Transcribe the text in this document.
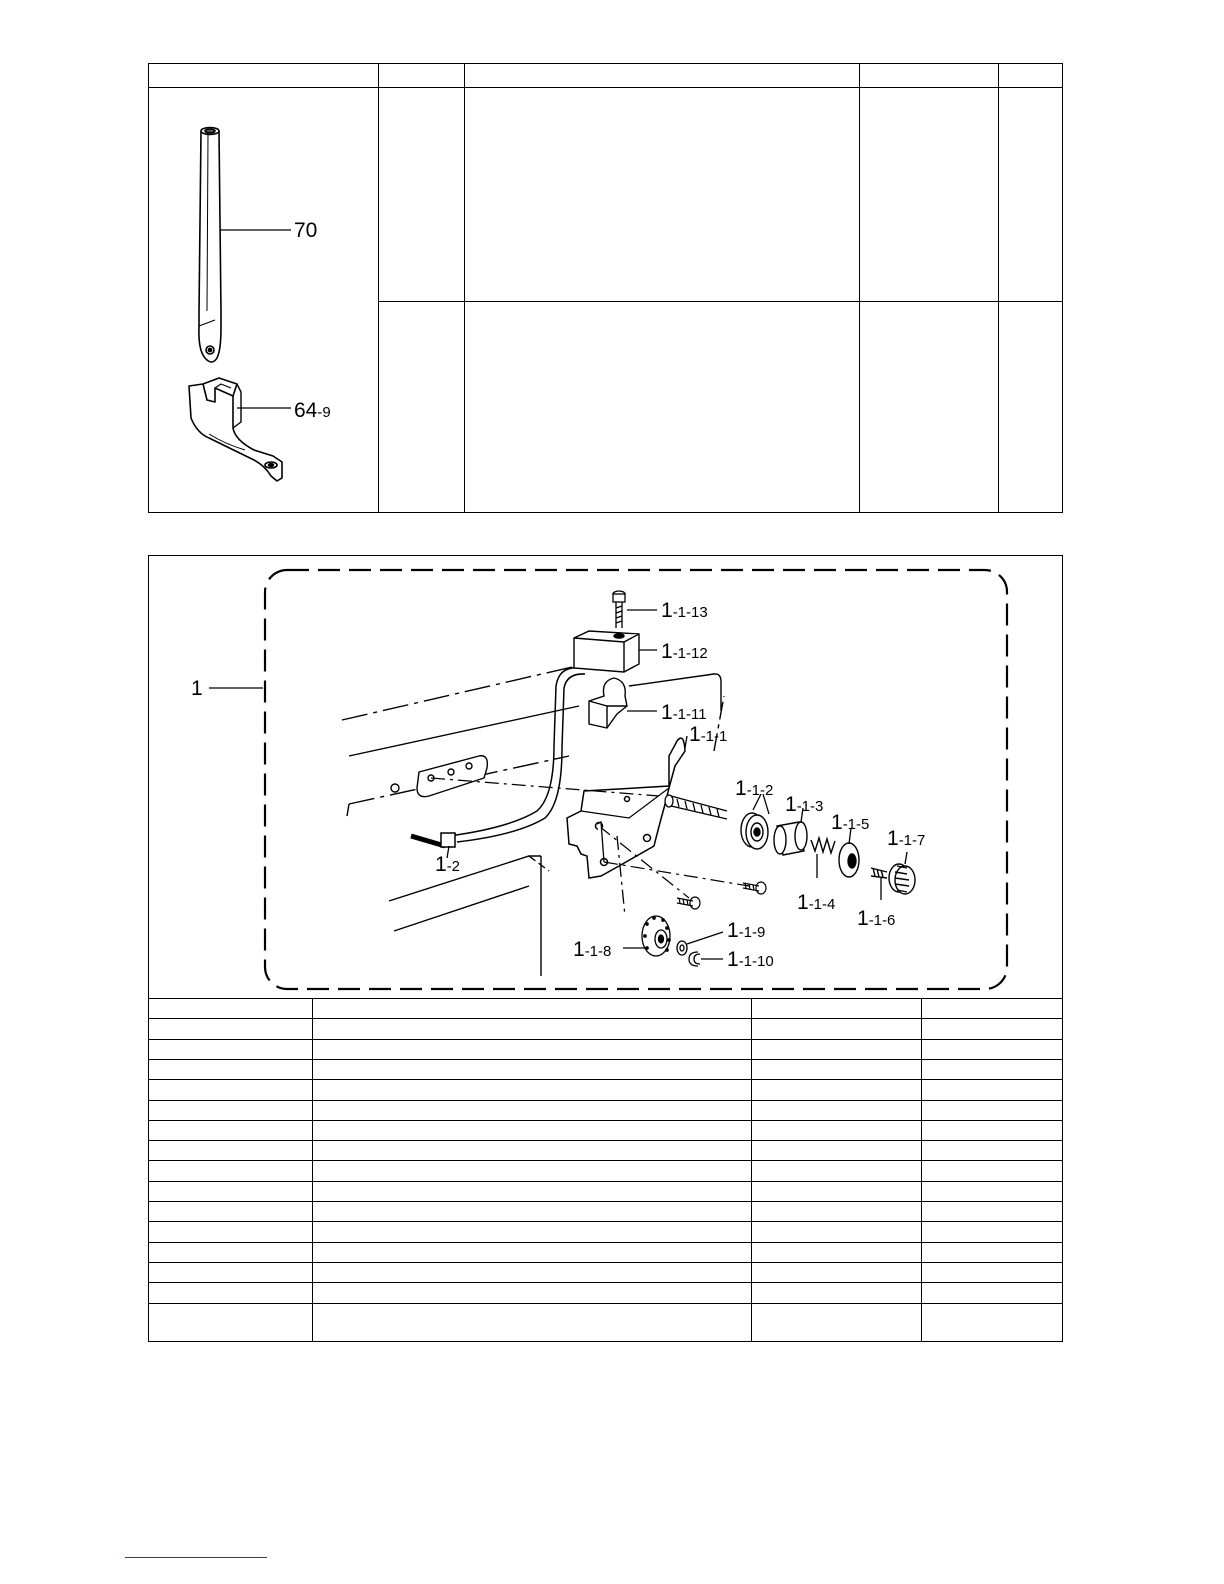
70
64-9
1
1-1-13
1-1-12
1-1-11
1-1-1
1-1-2
1-1-3
1-1-5
1-1-7
1-1-4
1-1-6
1-2
1-1-9
1-1-8	1-1-10
